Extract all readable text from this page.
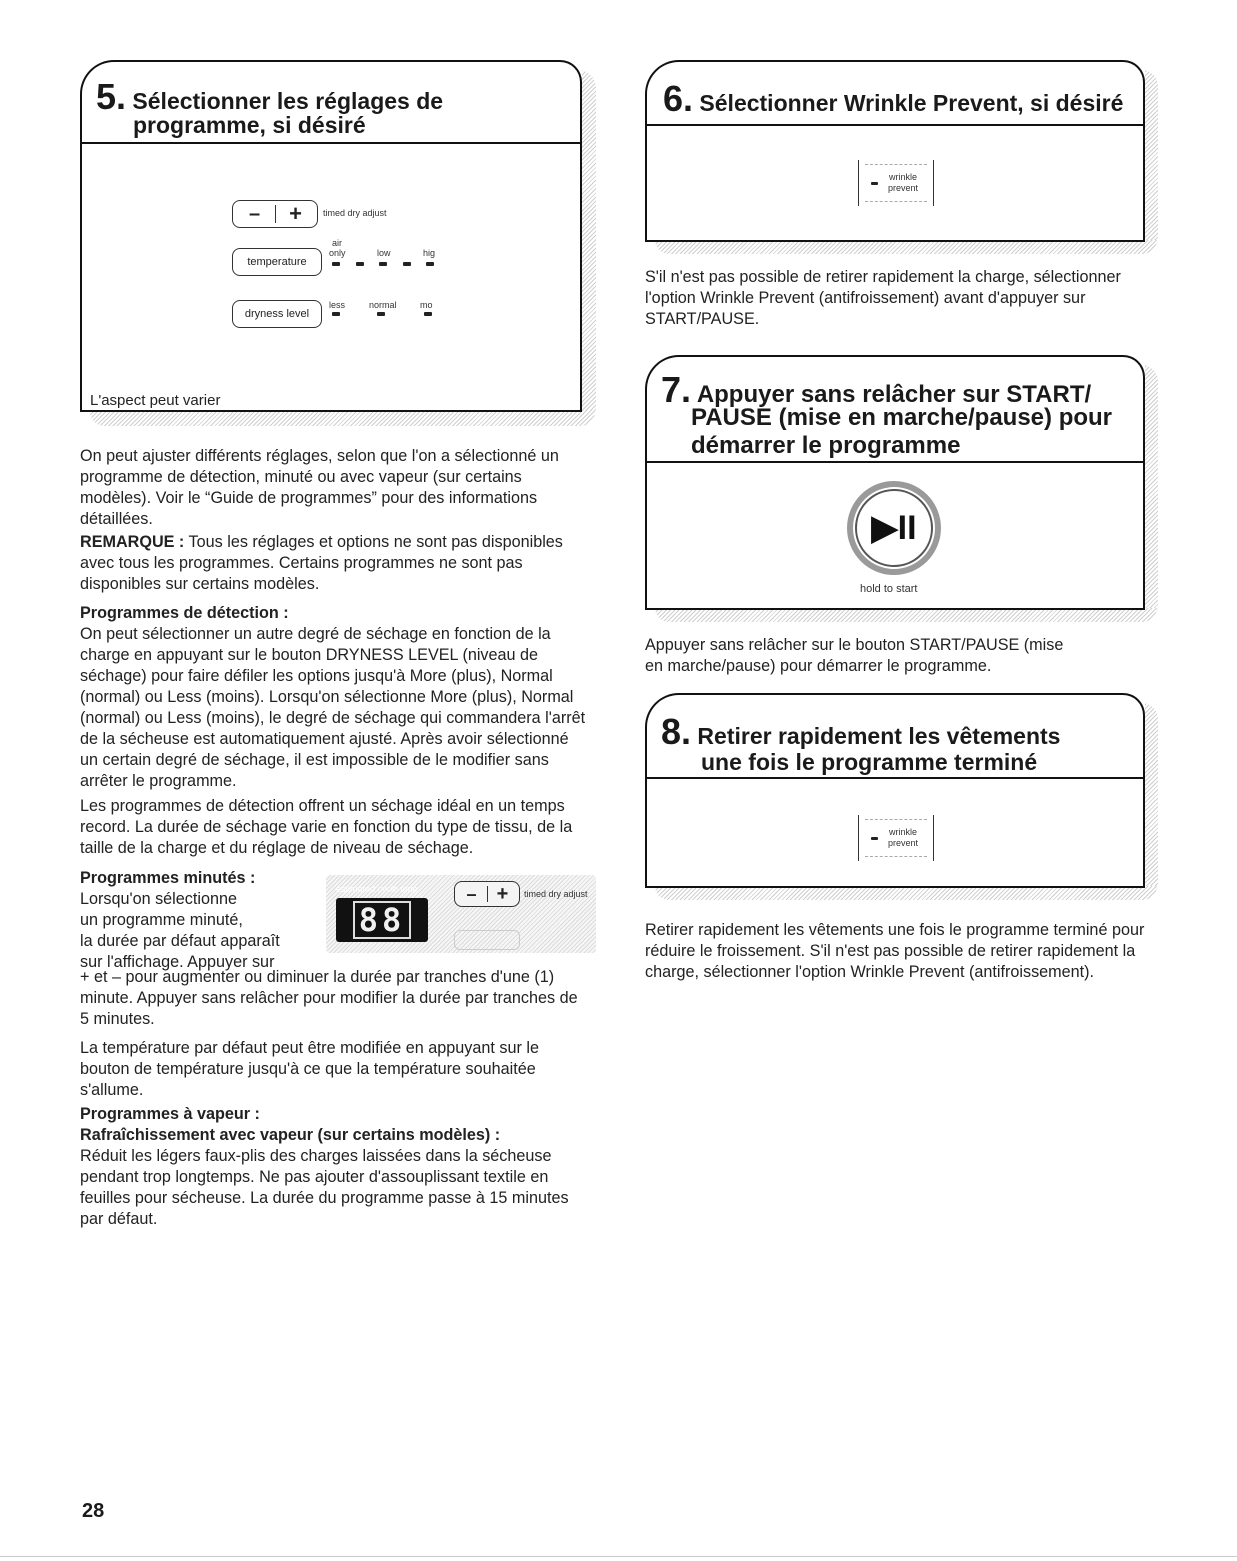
5. Sélectionner les réglages de
programme, si désiré
–	+	timed dry adjust
air
only	low	hig
temperature
less	normal	mo
dryness level
L'aspect peut varier
On peut ajuster différents réglages, selon que l'on a sélectionné un programme de détection, minuté ou avec vapeur (sur certains modèles). Voir le “Guide de programmes” pour des informations détaillées.
REMARQUE : Tous les réglages et options ne sont pas disponibles avec tous les programmes. Certains programmes ne sont pas disponibles sur certains modèles.
Programmes de détection :
On peut sélectionner un autre degré de séchage en fonction de la charge en appuyant sur le bouton DRYNESS LEVEL (niveau de séchage) pour faire défiler les options jusqu'à More (plus), Normal (normal) ou Less (moins). Lorsqu'on sélectionne More (plus), Normal (normal) ou Less (moins), le degré de séchage qui commandera l'arrêt de la sécheuse est automatiquement ajusté. Après avoir sélectionné un certain degré de séchage, il est impossible de le modifier sans arrêter le programme.
Les programmes de détection offrent un séchage idéal en un temps record. La durée de séchage varie en fonction du type de tissu, de la taille de la charge et du réglage de niveau de séchage.
Programmes minutés :
Lorsqu'on sélectionne
un programme minuté,
la durée par défaut apparaît
sur l'affichage. Appuyer sur
+ et – pour augmenter ou diminuer la durée par tranches d'une (1) minute. Appuyer sans relâcher pour modifier la durée par tranches de 5 minutes.
estimated cycle time
88
–	+	timed dry adjust
La température par défaut peut être modifiée en appuyant sur le bouton de température jusqu'à ce que la température souhaitée s'allume.
Programmes à vapeur :
Rafraîchissement avec vapeur (sur certains modèles) :
Réduit les légers faux-plis des charges laissées dans la sécheuse pendant trop longtemps. Ne pas ajouter d'assouplissant textile en feuilles pour sécheuse. La durée du programme passe à 15 minutes par défaut.
6. Sélectionner Wrinkle Prevent, si désiré
wrinkle
prevent
S'il n'est pas possible de retirer rapidement la charge, sélectionner l'option Wrinkle Prevent (antifroissement) avant d'appuyer sur START/PAUSE.
7. Appuyer sans relâcher sur START/
PAUSE (mise en marche/pause) pour
démarrer le programme
▶II
hold to start
Appuyer sans relâcher sur le bouton START/PAUSE (mise en marche/pause) pour démarrer le programme.
8. Retirer rapidement les vêtements
une fois le programme terminé
wrinkle
prevent
Retirer rapidement les vêtements une fois le programme terminé pour réduire le froissement. S'il n'est pas possible de retirer rapidement la charge, sélectionner l'option Wrinkle Prevent (antifroissement).
28
